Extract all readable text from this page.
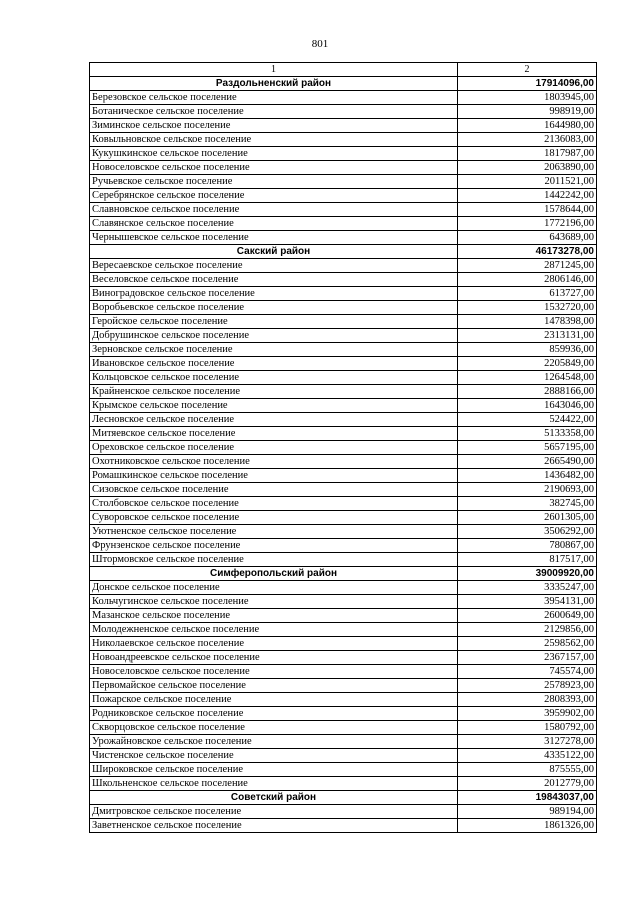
801
1	2
Раздольненский район	17914096,00
Березовское сельское поселение	1803945,00
Ботаническое сельское поселение	998919,00
Зиминское сельское поселение	1644980,00
Ковыльновское сельское поселение	2136083,00
Кукушкинское сельское поселение	1817987,00
Новоселовское сельское поселение	2063890,00
Ручьевское сельское поселение	2011521,00
Серебрянское сельское поселение	1442242,00
Славновское сельское поселение	1578644,00
Славянское сельское поселение	1772196,00
Чернышевское сельское поселение	643689,00
Сакский район	46173278,00
Вересаевское сельское поселение	2871245,00
Веселовское сельское поселение	2806146,00
Виноградовское сельское поселение	613727,00
Воробьевское сельское поселение	1532720,00
Геройское сельское поселение	1478398,00
Добрушинское сельское поселение	2313131,00
Зерновское сельское поселение	859936,00
Ивановское сельское поселение	2205849,00
Кольцовское сельское поселение	1264548,00
Крайненское сельское поселение	2888166,00
Крымское сельское поселение	1643046,00
Лесновское сельское поселение	524422,00
Митяевское сельское поселение	5133358,00
Ореховское сельское поселение	5657195,00
Охотниковское сельское поселение	2665490,00
Ромашкинское сельское поселение	1436482,00
Сизовское сельское поселение	2190693,00
Столбовское сельское поселение	382745,00
Суворовское сельское поселение	2601305,00
Уютненское сельское поселение	3506292,00
Фрунзенское сельское поселение	780867,00
Штормовское сельское поселение	817517,00
Симферопольский район	39009920,00
Донское сельское поселение	3335247,00
Кольчугинское сельское поселение	3954131,00
Мазанское сельское поселение	2600649,00
Молодежненское сельское поселение	2129856,00
Николаевское сельское поселение	2598562,00
Новоандреевское сельское поселение	2367157,00
Новоселовское сельское поселение	745574,00
Первомайское сельское поселение	2578923,00
Пожарское сельское поселение	2808393,00
Родниковское сельское поселение	3959902,00
Скворцовское сельское поселение	1580792,00
Урожайновское сельское поселение	3127278,00
Чистенское сельское поселение	4335122,00
Широковское сельское поселение	875555,00
Школьненское сельское поселение	2012779,00
Советский район	19843037,00
Дмитровское сельское поселение	989194,00
Заветненское сельское поселение	1861326,00
